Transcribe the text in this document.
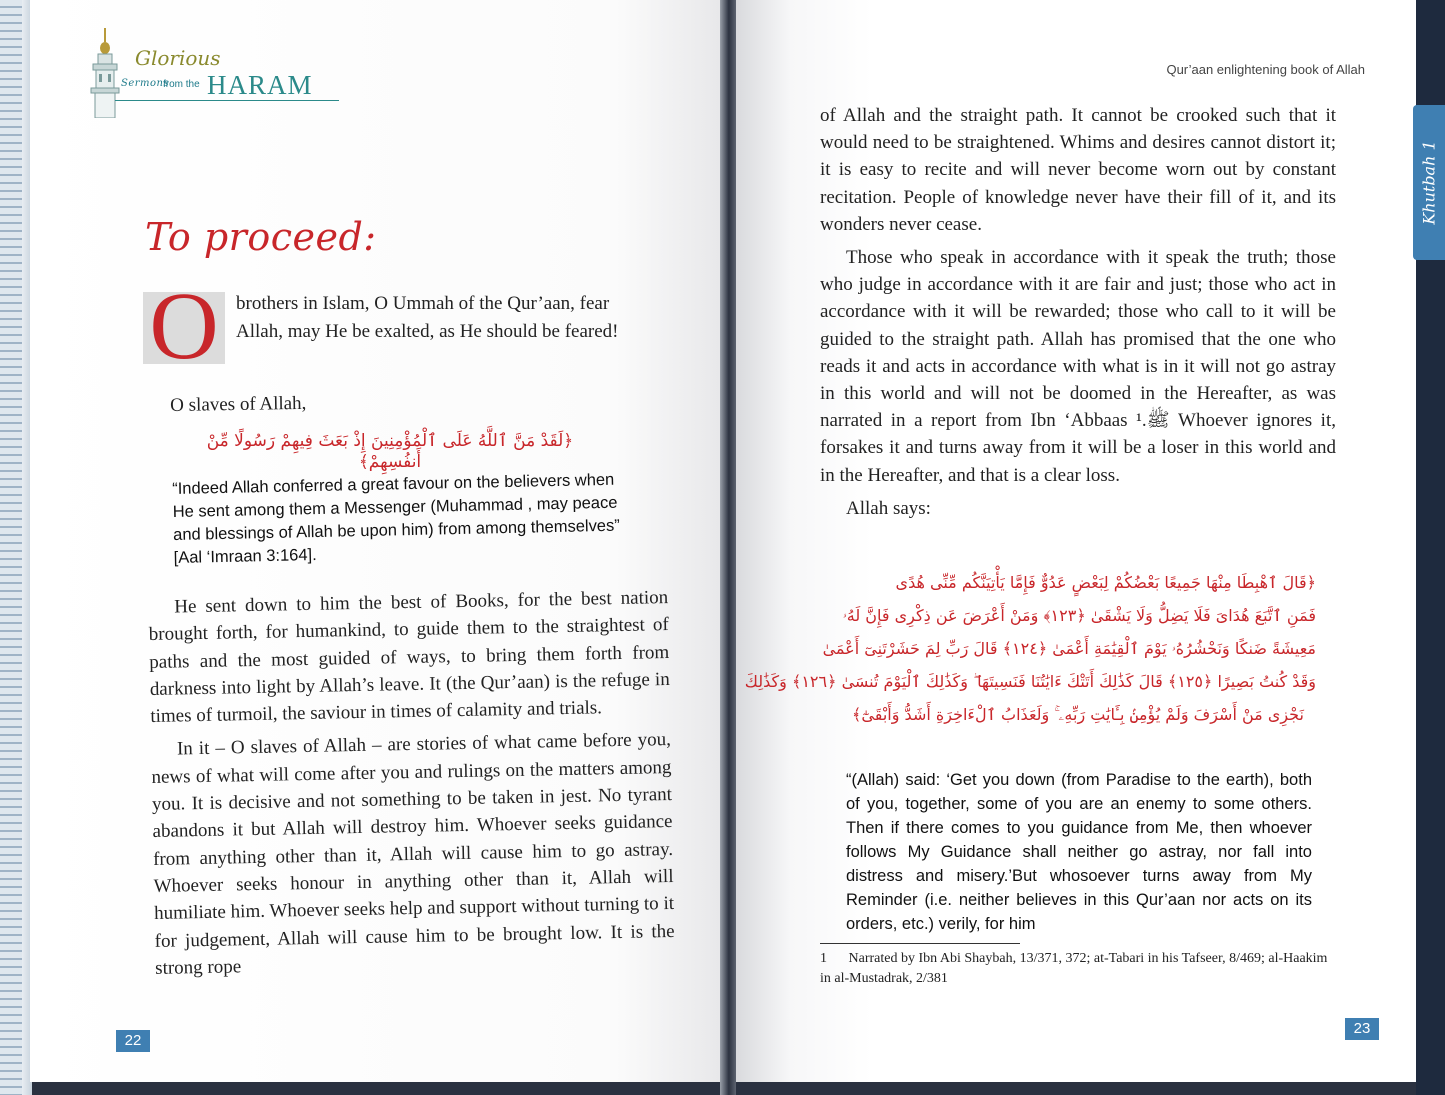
Glorious
Sermons
from the HARAM
To proceed:
O brothers in Islam, O Ummah of the Qur’aan, fear Allah, may He be exalted, as He should be feared!
O slaves of Allah,
﴿لَقَدْ مَنَّ ٱللَّهُ عَلَى ٱلْمُؤْمِنِينَ إِذْ بَعَثَ فِيهِمْ رَسُولًا مِّنْ أَنفُسِهِمْ﴾
“Indeed Allah conferred a great favour on the believers when He sent among them a Messenger (Muhammad , may peace and blessings of Allah be upon him) from among themselves” [Aal ‘Imraan 3:164].

He sent down to him the best of Books, for the best nation brought forth, for humankind, to guide them to the straightest of paths and the most guided of ways, to bring them forth from darkness into light by Allah’s leave. It (the Qur’aan) is the refuge in times of turmoil, the saviour in times of calamity and trials.

In it – O slaves of Allah – are stories of what came before you, news of what will come after you and rulings on the matters among you. It is decisive and not something to be taken in jest. No tyrant abandons it but Allah will destroy him. Whoever seeks guidance from anything other than it, Allah will cause him to go astray. Whoever seeks honour in anything other than it, Allah will humiliate him. Whoever seeks help and support without turning to it for judgement, Allah will cause him to be brought low. It is the strong rope

22
Qur’aan enlightening book of Allah
Khutbah 1

of Allah and the straight path. It cannot be crooked such that it would need to be straightened. Whims and desires cannot distort it; it is easy to recite and will never become worn out by constant recitation. People of knowledge never have their fill of it, and its wonders never cease.

Those who speak in accordance with it speak the truth; those who judge in accordance with it are fair and just; those who act in accordance with it will be rewarded; those who call to it will be guided to the straight path. Allah has promised that the one who reads it and acts in accordance with what is in it will not go astray in this world and will not be doomed in the Hereafter, as was narrated in a report from Ibn ‘Abbaas ﷺ.¹ Whoever ignores it, forsakes it and turns away from it will be a loser in this world and in the Hereafter, and that is a clear loss.

Allah says:

﴿قَالَ ٱهْبِطَا مِنْهَا جَمِيعًا بَعْضُكُمْ لِبَعْضٍ عَدُوٌّ فَإِمَّا يَأْتِيَنَّكُم مِّنِّى هُدًى
فَمَنِ ٱتَّبَعَ هُدَاىَ فَلَا يَضِلُّ وَلَا يَشْقَىٰ ﴿١٢٣﴾ وَمَنْ أَعْرَضَ عَن ذِكْرِى فَإِنَّ لَهُۥ
مَعِيشَةً ضَنكًا وَنَحْشُرُهُۥ يَوْمَ ٱلْقِيَٰمَةِ أَعْمَىٰ ﴿١٢٤﴾ قَالَ رَبِّ لِمَ حَشَرْتَنِىٓ أَعْمَىٰ
وَقَدْ كُنتُ بَصِيرًا ﴿١٢٥﴾ قَالَ كَذَٰلِكَ أَتَتْكَ ءَايَٰتُنَا فَنَسِيتَهَا ۖ وَكَذَٰلِكَ ٱلْيَوْمَ تُنسَىٰ ﴿١٢٦﴾ وَكَذَٰلِكَ
نَجْزِى مَنْ أَسْرَفَ وَلَمْ يُؤْمِنۢ بِـَٔايَٰتِ رَبِّهِۦ ۚ وَلَعَذَابُ ٱلْءَاخِرَةِ أَشَدُّ وَأَبْقَىٰٓ﴾
“(Allah) said: ‘Get you down (from Paradise to the earth), both of you, together, some of you are an enemy to some others. Then if there comes to you guidance from Me, then whoever follows My Guidance shall neither go astray, nor fall into distress and misery.’But whosoever turns away from My Reminder (i.e. neither believes in this Qur’aan nor acts on its orders, etc.) verily, for him
1 Narrated by Ibn Abi Shaybah, 13/371, 372; at-Tabari in his Tafseer, 8/469; al-Haakim in al-Mustadrak, 2/381
23
